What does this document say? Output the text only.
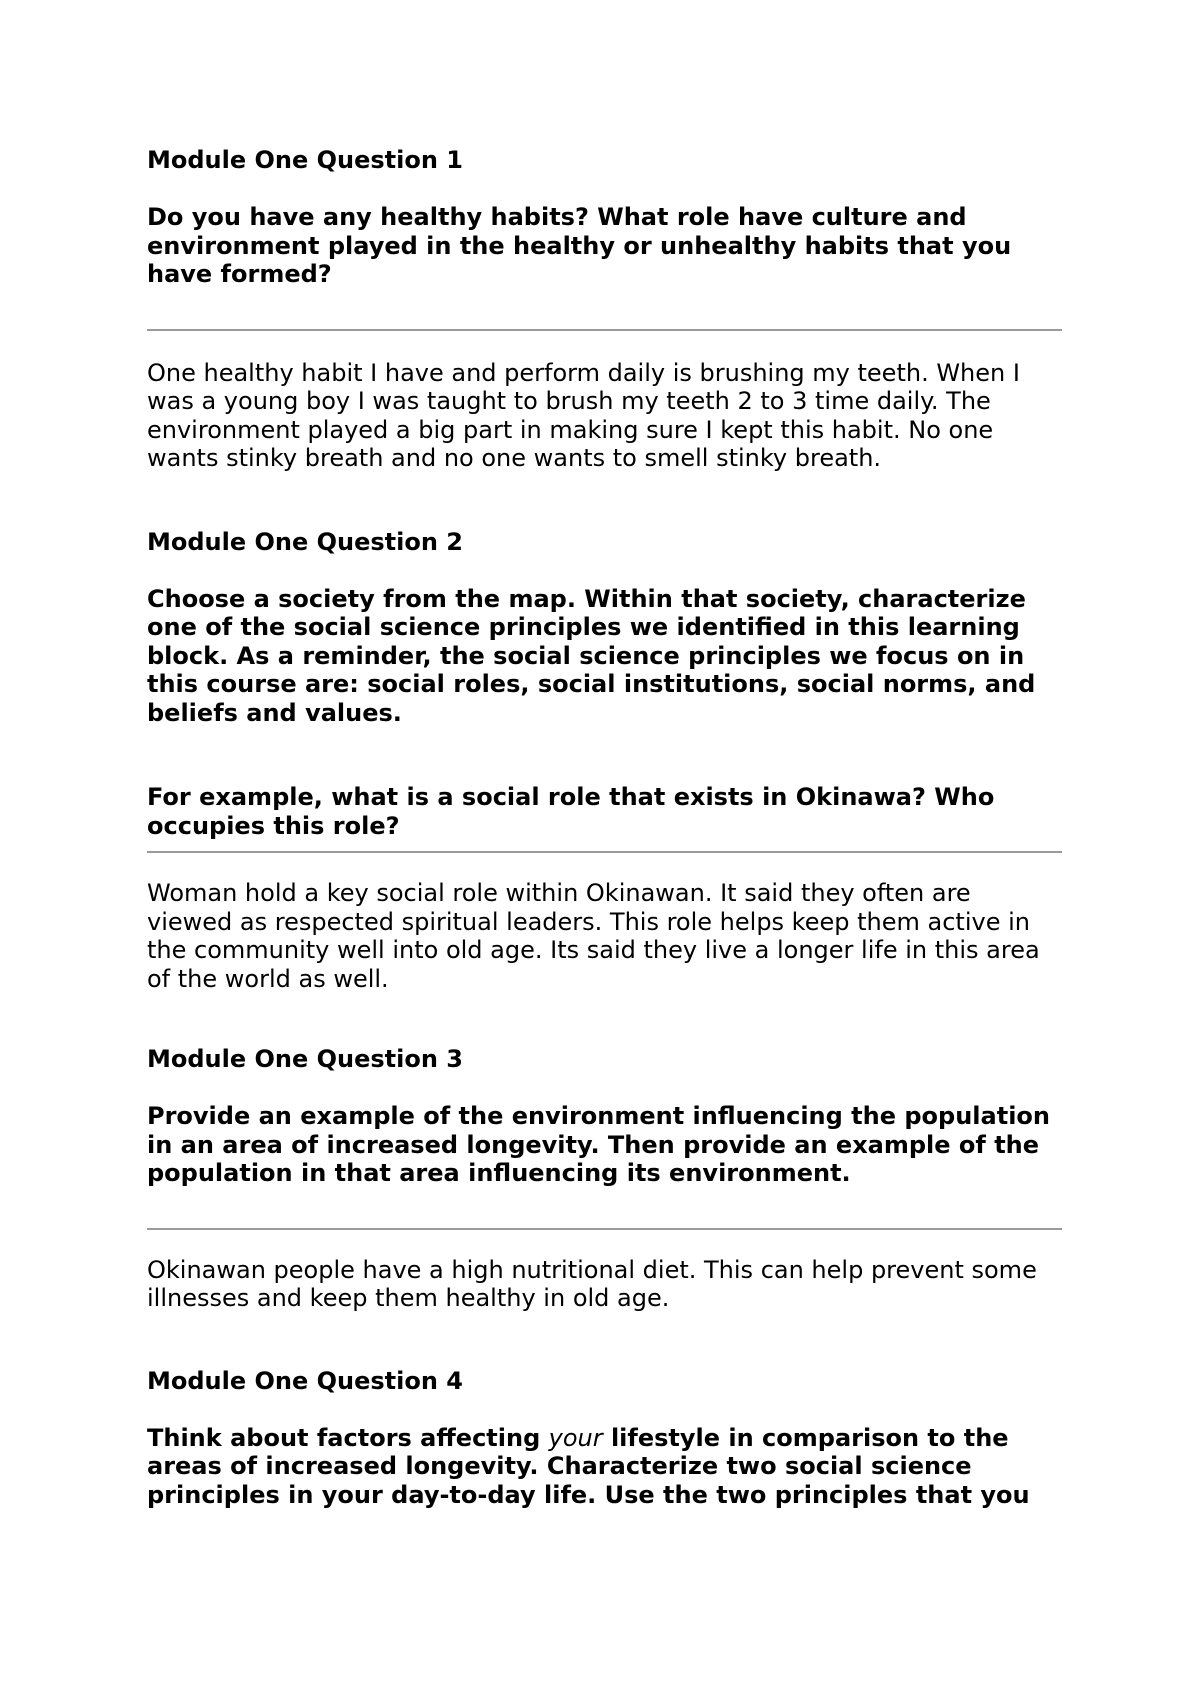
Module One Question 1

Do you have any healthy habits? What role have culture and environment played in the healthy or unhealthy habits that you have formed?

One healthy habit I have and perform daily is brushing my teeth. When I was a young boy I was taught to brush my teeth 2 to 3 time daily. The environment played a big part in making sure I kept this habit. No one wants stinky breath and no one wants to smell stinky breath.

Module One Question 2

Choose a society from the map. Within that society, characterize one of the social science principles we identified in this learning block. As a reminder, the social science principles we focus on in this course are: social roles, social institutions, social norms, and beliefs and values.

For example, what is a social role that exists in Okinawa? Who occupies this role?

Woman hold a key social role within Okinawan. It said they often are viewed as respected spiritual leaders. This role helps keep them active in the community well into old age. Its said they live a longer life in this area of the world as well.

Module One Question 3

Provide an example of the environment influencing the population in an area of increased longevity. Then provide an example of the population in that area influencing its environment.

Okinawan people have a high nutritional diet. This can help prevent some illnesses and keep them healthy in old age.

Module One Question 4

Think about factors affecting your lifestyle in comparison to the areas of increased longevity. Characterize two social science principles in your day-to-day life. Use the two principles that you
